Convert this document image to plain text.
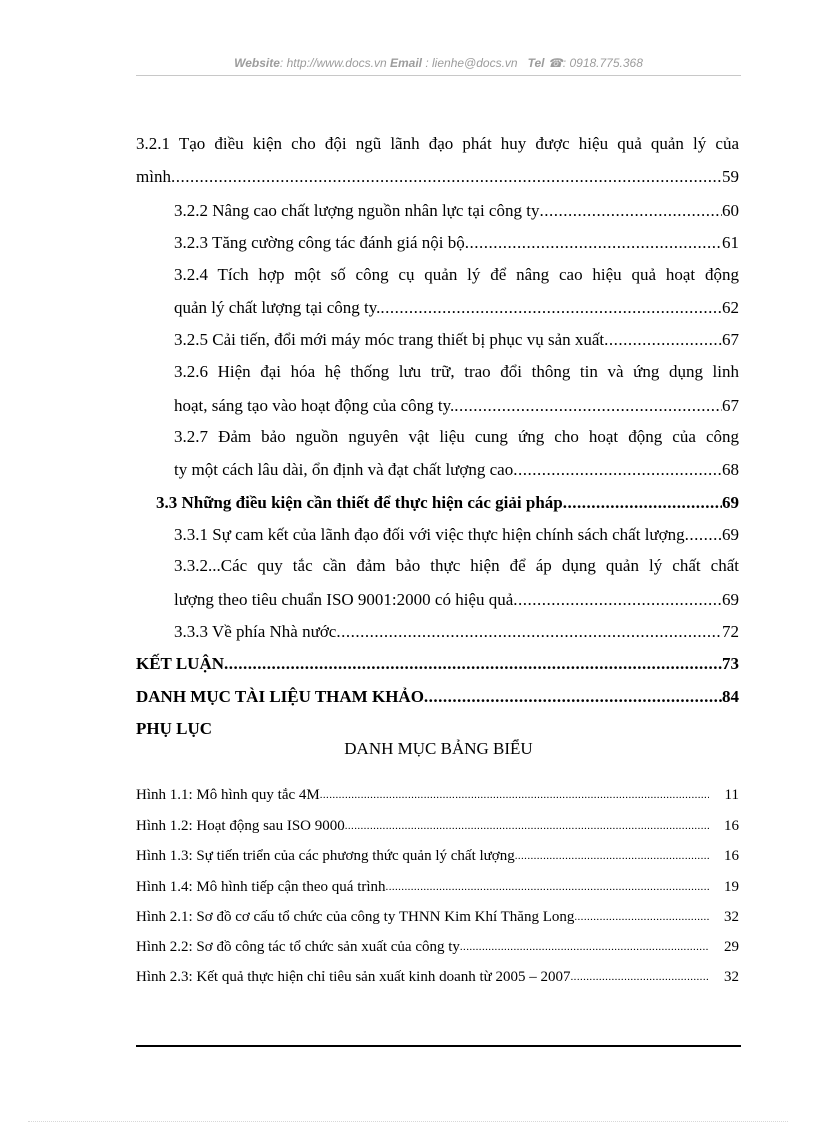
Website: http://www.docs.vn Email : lienhe@docs.vn Tel ☎: 0918.775.368
3.2.1 Tạo điều kiện cho đội ngũ lãnh đạo phát huy được hiệu quả quản lý của
mình .....	59
3.2.2 Nâng cao chất lượng nguồn nhân lực tại công ty .....	60
3.2.3 Tăng cường công tác đánh giá nội bộ .....	61
3.2.4 Tích hợp một số công cụ quản lý để nâng cao hiệu quả hoạt động
quản lý chất lượng tại công ty. .....	62
3.2.5 Cải tiến, đổi mới máy móc trang thiết bị phục vụ sản xuất .....	67
3.2.6 Hiện đại hóa hệ thống lưu trữ, trao đổi thông tin và ứng dụng linh
hoạt, sáng tạo vào hoạt động của công ty. .....	67
3.2.7 Đảm bảo nguồn nguyên vật liệu cung ứng cho hoạt động của công
ty một cách lâu dài, ổn định và đạt chất lượng cao .....	68
3.3 Những điều kiện cần thiết để thực hiện các giải pháp .....	69
3.3.1 Sự cam kết của lãnh đạo đối với việc thực hiện chính sách chất lượng ..... 69
3.3.2...Các quy tắc cần đảm bảo thực hiện để áp dụng quản lý chất chất
lượng theo tiêu chuẩn ISO 9001:2000 có hiệu quả .....	69
3.3.3 Về phía Nhà nước .....	72
KẾT LUẬN .....	73
DANH MỤC TÀI LIỆU THAM KHẢO .....	84
PHỤ LỤC
DANH MỤC BẢNG BIỂU
Hình 1.1: Mô hình quy tắc 4M .....	11
Hình 1.2: Hoạt động sau ISO 9000 .....	16
Hình 1.3: Sự tiến triển của các phương thức quản lý chất lượng .....	16
Hình 1.4: Mô hình tiếp cận theo quá trình .....	19
Hình 2.1: Sơ đồ cơ cấu tổ chức của công ty THNN Kim Khí Thăng Long .....	32
Hình 2.2: Sơ đồ công tác tổ chức sản xuất của công ty .....	29
Hình 2.3: Kết quả thực hiện chỉ tiêu sản xuất kinh doanh từ 2005 – 2007 .....	32
